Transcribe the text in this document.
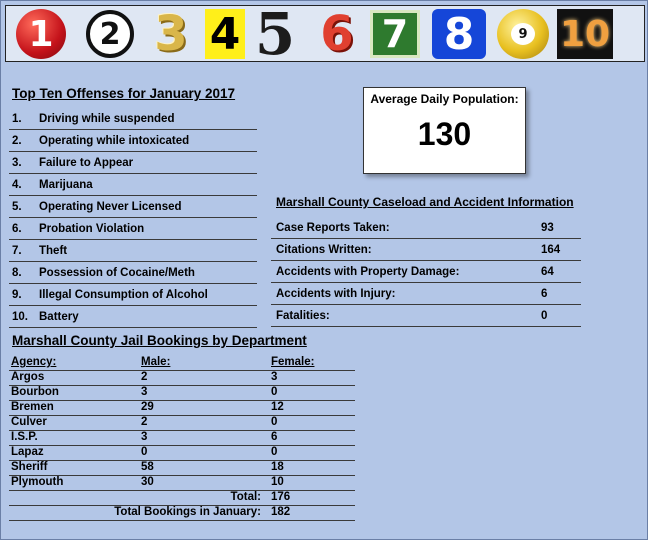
1	2 3 4 5 6 7 8	9 10
Top Ten Offenses for January 2017
1. Driving while suspended
2. Operating while intoxicated
3. Failure to Appear
4. Marijuana
5. Operating Never Licensed
6. Probation Violation
7. Theft
8. Possession of Cocaine/Meth
9. Illegal Consumption of Alcohol
10. Battery
Average Daily Population:
130
Marshall County Caseload and Accident Information
Case Reports Taken:	93
Citations Written:	164
Accidents with Property Damage:	64
Accidents with Injury:	6
Fatalities:	0
Marshall County Jail Bookings by Department
Agency:	Male:	Female:
Argos	2	3
Bourbon	3	0
Bremen	29	12
Culver	2	0
I.S.P.	3	6
Lapaz	0	0
Sheriff	58	18
Plymouth	30	10
Total: 176
Total Bookings in January: 182
